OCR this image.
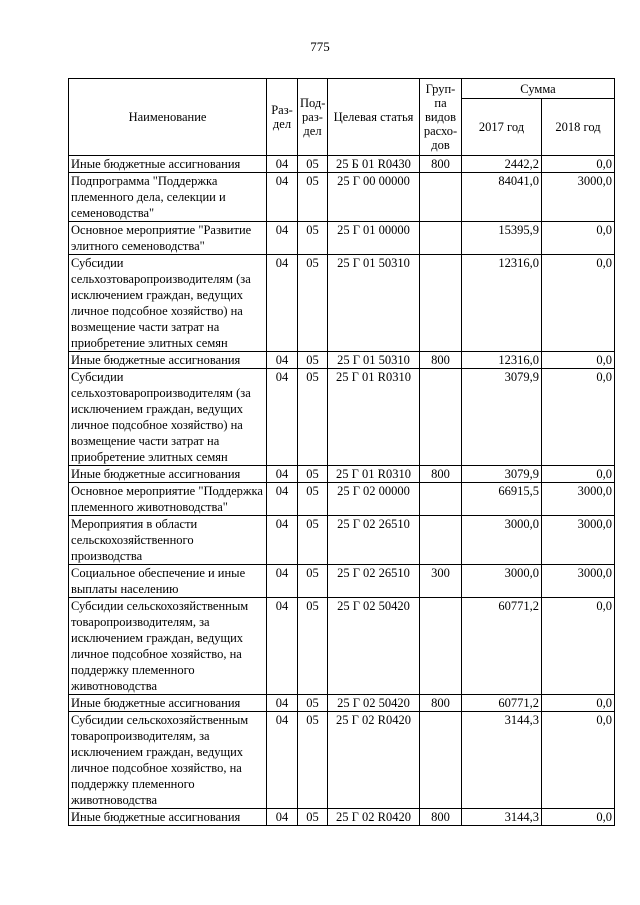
775
Наименование	Раз-дел	Под-раз-дел	Целевая статья	Груп-па видов расхо-дов	Сумма	
					2017 год	2018 год
Иные бюджетные ассигнования	04	05	25 Б 01 R0430	800	2442,2	0,0
Подпрограмма "Поддержка племенного дела, селекции и семеноводства"	04	05	25 Г 00 00000		84041,0	3000,0
Основное мероприятие "Развитие элитного семеноводства"	04	05	25 Г 01 00000		15395,9	0,0
Субсидии сельхозтоваропроизводителям (за исключением граждан, ведущих личное подсобное хозяйство) на возмещение части затрат на приобретение элитных семян	04	05	25 Г 01 50310		12316,0	0,0
Иные бюджетные ассигнования	04	05	25 Г 01 50310	800	12316,0	0,0
Субсидии сельхозтоваропроизводителям (за исключением граждан, ведущих личное подсобное хозяйство) на возмещение части затрат на приобретение элитных семян	04	05	25 Г 01 R0310		3079,9	0,0
Иные бюджетные ассигнования	04	05	25 Г 01 R0310	800	3079,9	0,0
Основное мероприятие "Поддержка племенного животноводства"	04	05	25 Г 02 00000		66915,5	3000,0
Мероприятия в области сельскохозяйственного производства	04	05	25 Г 02 26510		3000,0	3000,0
Социальное обеспечение и иные выплаты населению	04	05	25 Г 02 26510	300	3000,0	3000,0
Субсидии сельскохозяйственным товаропроизводителям, за исключением граждан, ведущих личное подсобное хозяйство, на поддержку племенного животноводства	04	05	25 Г 02 50420		60771,2	0,0
Иные бюджетные ассигнования	04	05	25 Г 02 50420	800	60771,2	0,0
Субсидии сельскохозяйственным товаропроизводителям, за исключением граждан, ведущих личное подсобное хозяйство, на поддержку племенного животноводства	04	05	25 Г 02 R0420		3144,3	0,0
Иные бюджетные ассигнования	04	05	25 Г 02 R0420	800	3144,3	0,0
